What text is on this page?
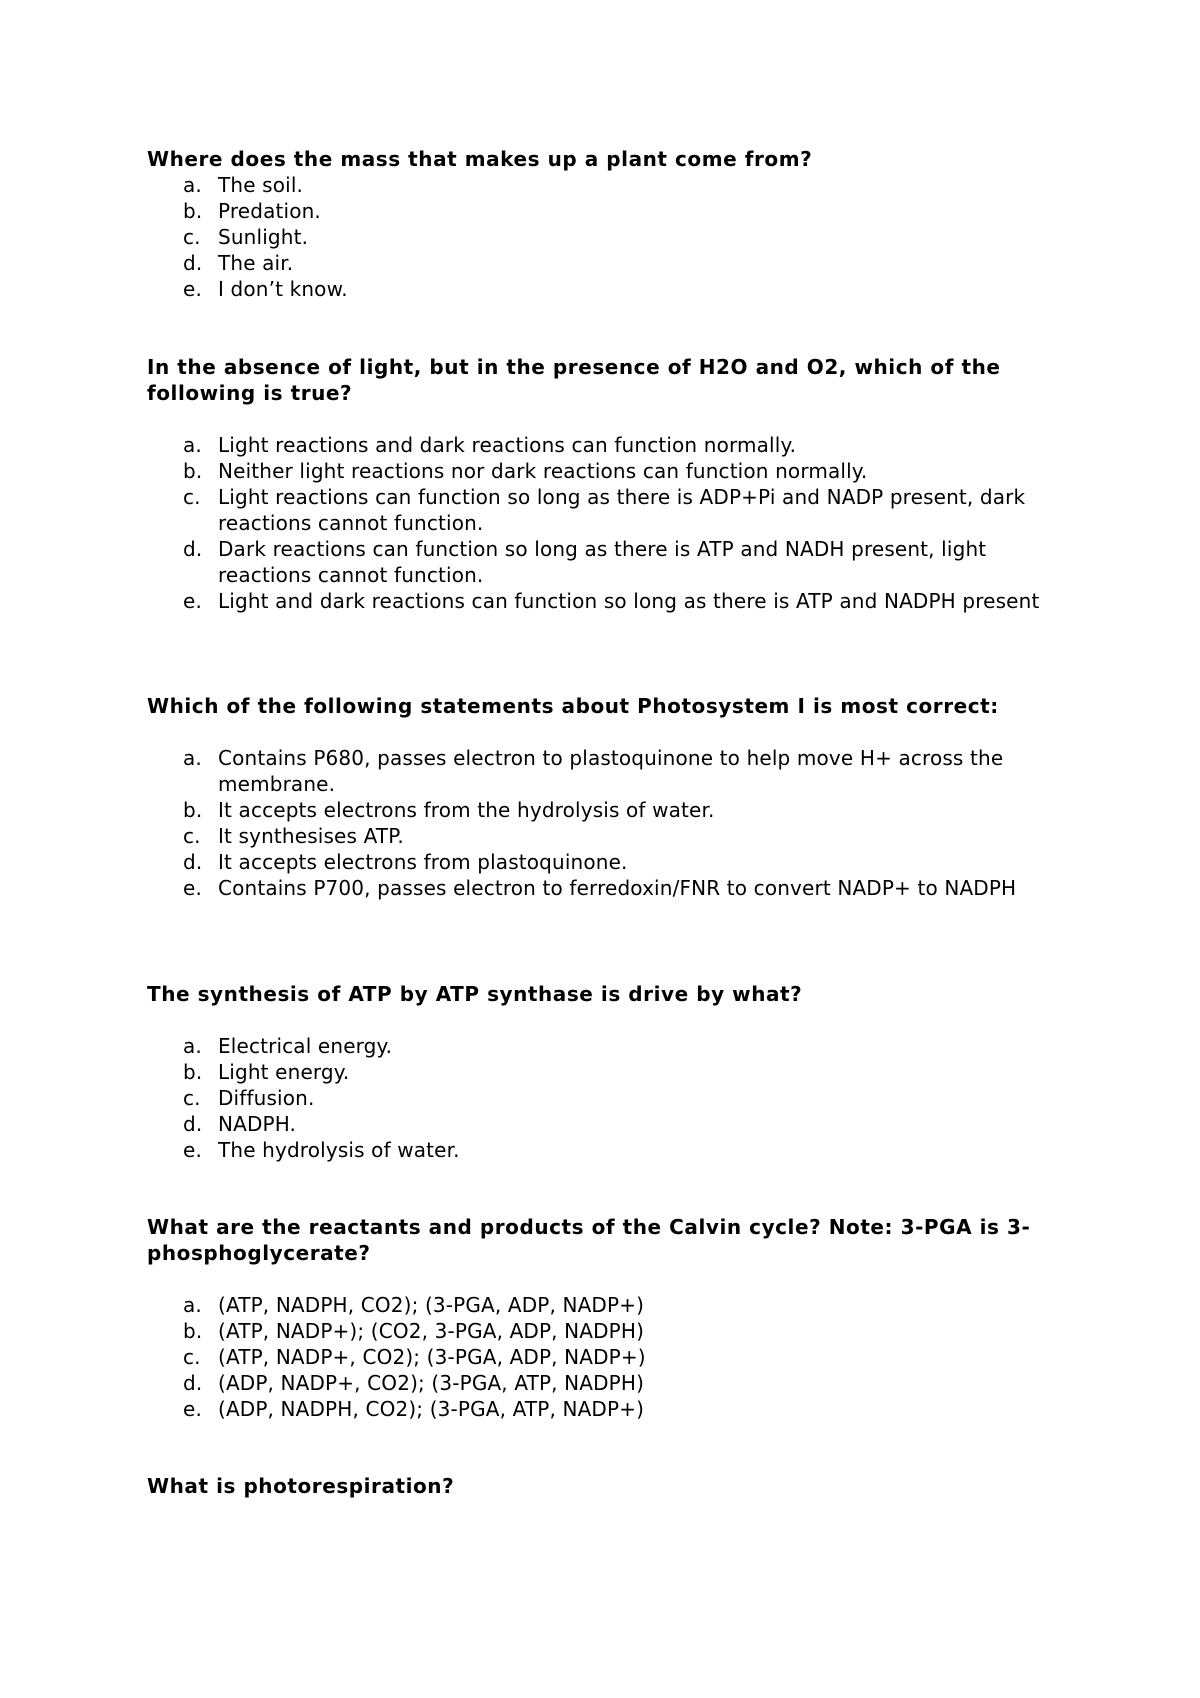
Where does the mass that makes up a plant come from?

a. The soil.
b. Predation.
c. Sunlight.
d. The air.
e. I don’t know.

In the absence of light, but in the presence of H2O and O2, which of the following is true?

a. Light reactions and dark reactions can function normally.
b. Neither light reactions nor dark reactions can function normally.
c. Light reactions can function so long as there is ADP+Pi and NADP present, dark reactions cannot function.
d. Dark reactions can function so long as there is ATP and NADH present, light reactions cannot function.
e. Light and dark reactions can function so long as there is ATP and NADPH present

Which of the following statements about Photosystem I is most correct:

a. Contains P680, passes electron to plastoquinone to help move H+ across the membrane.
b. It accepts electrons from the hydrolysis of water.
c. It synthesises ATP.
d. It accepts electrons from plastoquinone.
e. Contains P700, passes electron to ferredoxin/FNR to convert NADP+ to NADPH

The synthesis of ATP by ATP synthase is drive by what?

a. Electrical energy.
b. Light energy.
c. Diffusion.
d. NADPH.
e. The hydrolysis of water.

What are the reactants and products of the Calvin cycle? Note: 3-PGA is 3-phosphoglycerate?

a. (ATP, NADPH, CO2); (3-PGA, ADP, NADP+)
b. (ATP, NADP+); (CO2, 3-PGA, ADP, NADPH)
c. (ATP, NADP+, CO2); (3-PGA, ADP, NADP+)
d. (ADP, NADP+, CO2); (3-PGA, ATP, NADPH)
e. (ADP, NADPH, CO2); (3-PGA, ATP, NADP+)

What is photorespiration?
